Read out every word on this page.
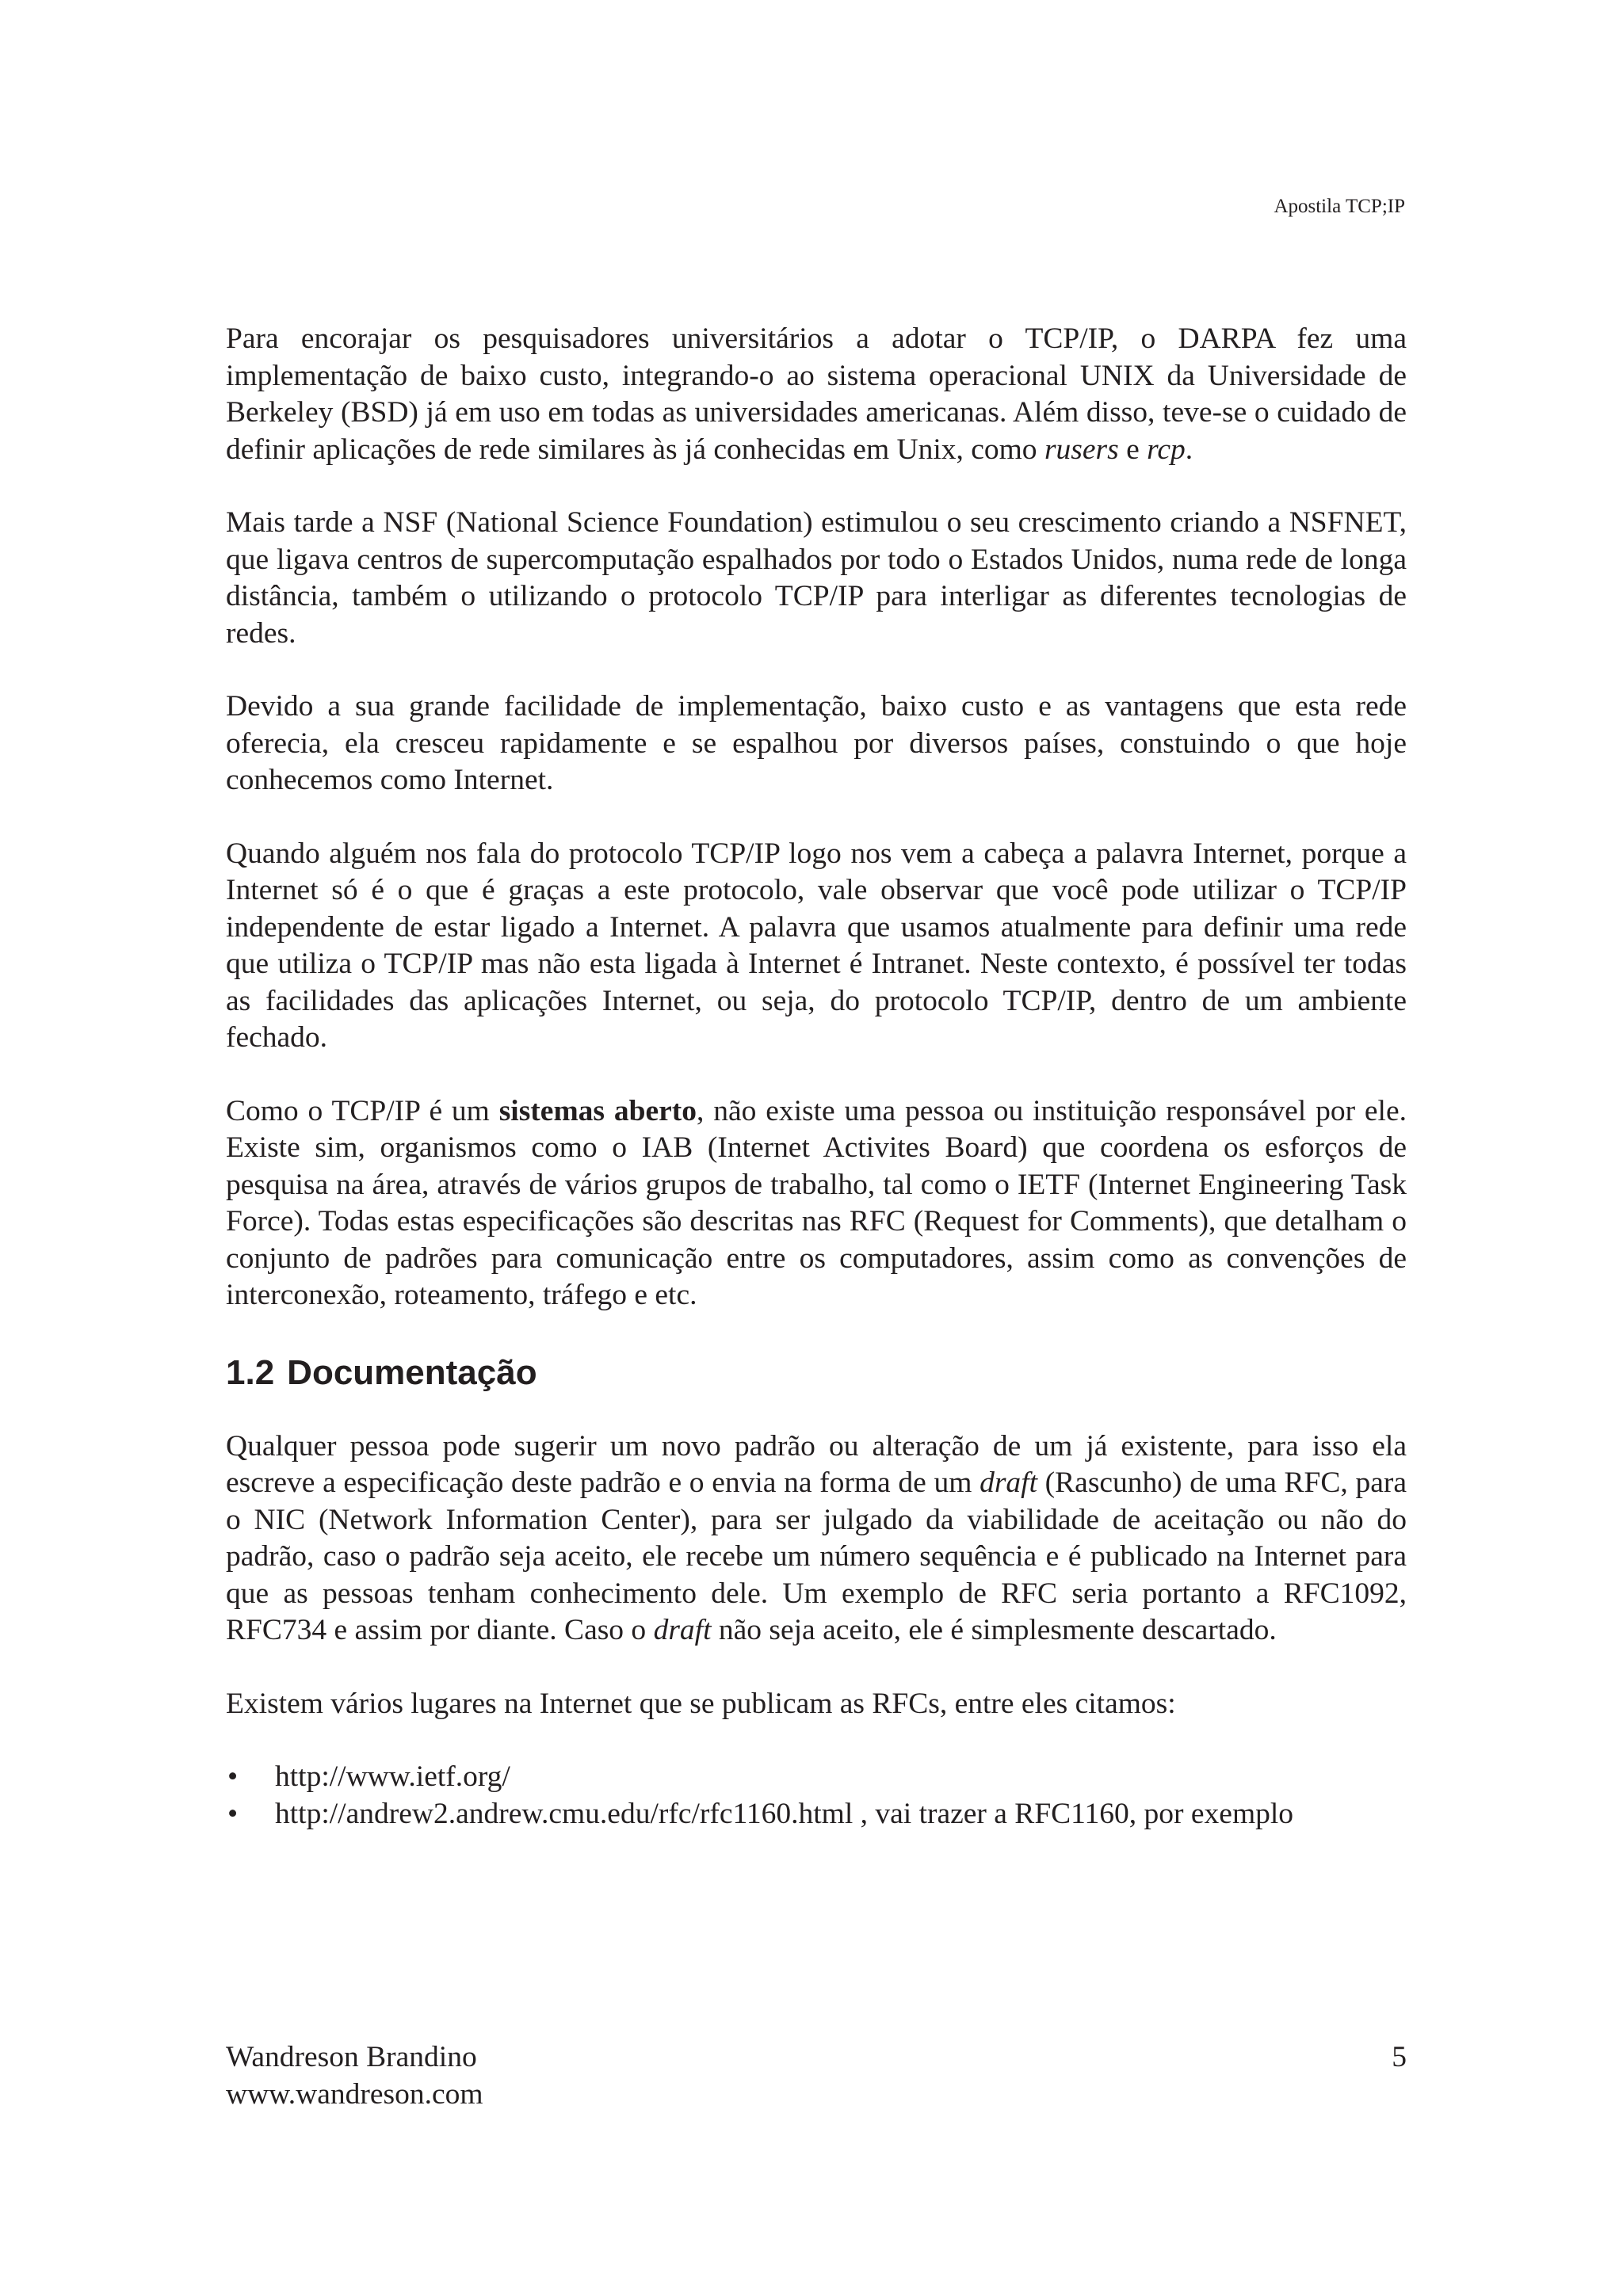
Apostila TCP;IP

Para encorajar os pesquisadores universitários a adotar o TCP/IP, o DARPA fez uma implementação de baixo custo, integrando-o ao sistema operacional UNIX da Universidade de Berkeley (BSD) já em uso em todas as universidades americanas. Além disso, teve-se o cuidado de definir aplicações de rede similares às já conhecidas em Unix, como rusers e rcp.

Mais tarde a NSF (National Science Foundation) estimulou o seu crescimento criando a NSFNET, que ligava centros de supercomputação espalhados por todo o Estados Unidos, numa rede de longa distância, também o utilizando o protocolo TCP/IP para interligar as diferentes tecnologias de redes.

Devido a sua grande facilidade de implementação, baixo custo e as vantagens que esta rede oferecia, ela cresceu rapidamente e se espalhou por diversos países, constuindo o que hoje conhecemos como Internet.

Quando alguém nos fala do protocolo TCP/IP logo nos vem a cabeça a palavra Internet, porque a Internet só é o que é graças a este protocolo, vale observar que você pode utilizar o TCP/IP independente de estar ligado a Internet. A palavra que usamos atualmente para definir uma rede que utiliza o TCP/IP mas não esta ligada à Internet é Intranet. Neste contexto, é possível ter todas as facilidades das aplicações Internet, ou seja, do protocolo TCP/IP, dentro de um ambiente fechado.

Como o TCP/IP é um sistemas aberto, não existe uma pessoa ou instituição responsável por ele. Existe sim, organismos como o IAB (Internet Activites Board) que coordena os esforços de pesquisa na área, através de vários grupos de trabalho, tal como o IETF (Internet Engineering Task Force). Todas estas especificações são descritas nas RFC (Request for Comments), que detalham o conjunto de padrões para comunicação entre os computadores, assim como as convenções de interconexão, roteamento, tráfego e etc.

1.2 Documentação

Qualquer pessoa pode sugerir um novo padrão ou alteração de um já existente, para isso ela escreve a especificação deste padrão e o envia na forma de um draft (Rascunho) de uma RFC, para o NIC (Network Information Center), para ser julgado da viabilidade de aceitação ou não do padrão, caso o padrão seja aceito, ele recebe um número sequência e é publicado na Internet para que as pessoas tenham conhecimento dele. Um exemplo de RFC seria portanto a RFC1092, RFC734 e assim por diante. Caso o draft não seja aceito, ele é simplesmente descartado.

Existem vários lugares na Internet que se publicam as RFCs, entre eles citamos:

• http://www.ietf.org/
• http://andrew2.andrew.cmu.edu/rfc/rfc1160.html , vai trazer a RFC1160, por exemplo
Wandreson Brandino
www.wandreson.com
5
